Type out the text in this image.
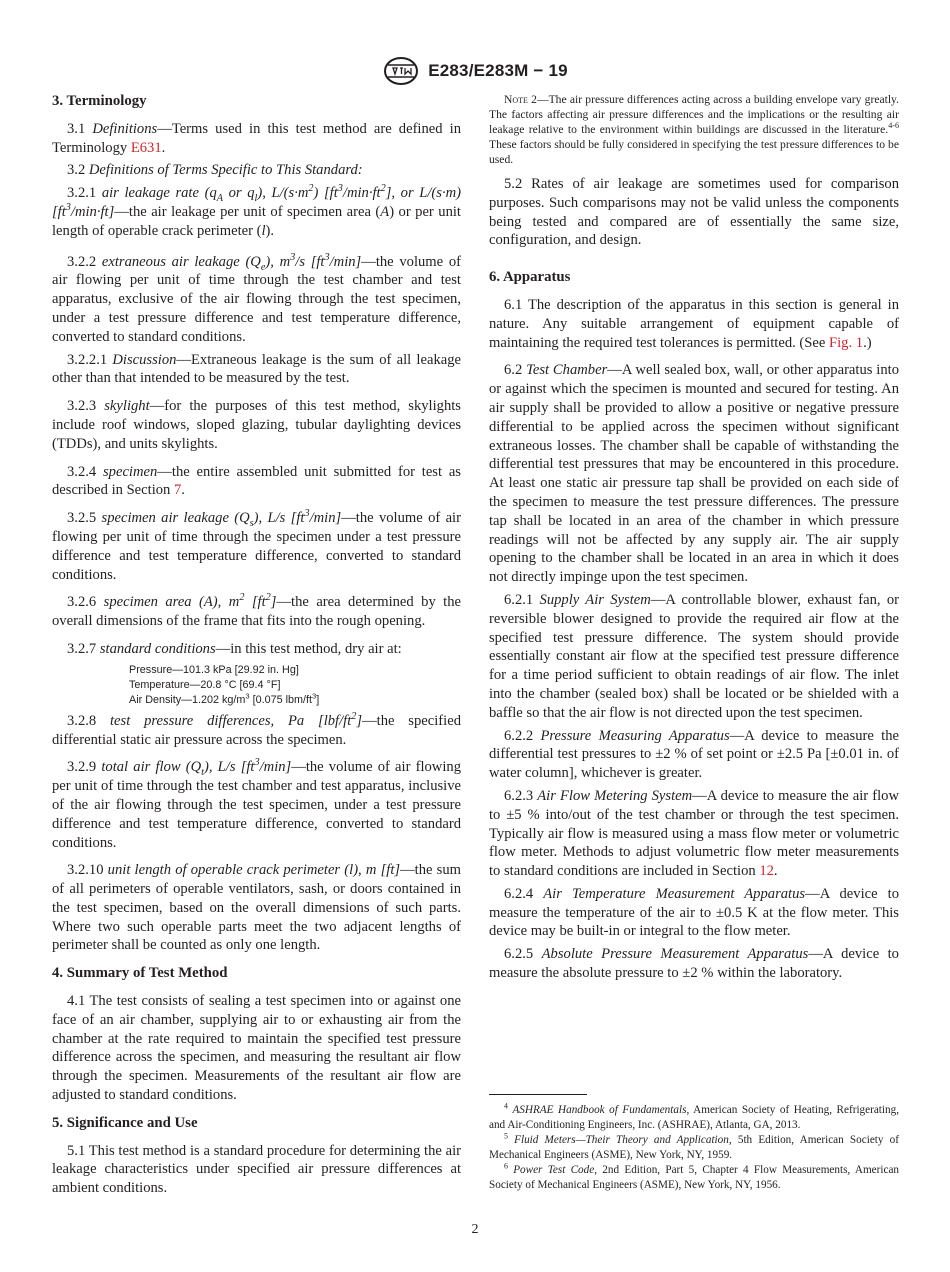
E283/E283M − 19
3. Terminology

3.1 Definitions—Terms used in this test method are defined in Terminology E631.

3.2 Definitions of Terms Specific to This Standard:

3.2.1 air leakage rate ($q_A$ or $q_l$), $L/(s\cdot m^2)$ $[ft^3/\min\cdot ft^2]$, or L/(s·m) $[ft^3/\min\cdot ft]—the$ air leakage per unit of specimen area (A) or per unit length of operable crack perimeter (l).

3.2.2 extraneous air leakage $(Q_e)$, $m^3/s$ $[ft^3/\min]—the$ volume of air flowing per unit of time through the test chamber and test apparatus, exclusive of the air flowing through the test specimen, under a test pressure difference and test temperature difference, converted to standard conditions.

3.2.2.1 Discussion—Extraneous leakage is the sum of all leakage other than that intended to be measured by the test.

3.2.3 skylight—for the purposes of this test method, skylights include roof windows, sloped glazing, tubular daylighting devices (TDDs), and units skylights.

3.2.4 specimen—the entire assembled unit submitted for test as described in Section 7.

3.2.5 specimen air leakage $(Q_s)$, L/s $[ft^3/\min]—the$ volume of air flowing per unit of time through the specimen under a test pressure difference and test temperature difference, converted to standard conditions.

3.2.6 specimen area (A), $m^2$ $[ft^2]—the$ area determined by the overall dimensions of the frame that fits into the rough opening.

3.2.7 standard conditions—in this test method, dry air at:

Pressure—101.3 kPa [29.92 in. Hg]
Temperature—20.8 °C [69.4 °F]
Air Density—1.202 $kg/m^3$ [0.075 lbm/$ft^3$]

3.2.8 test pressure differences, Pa $[lbf/ft^2]—the$ specified differential static air pressure across the specimen.

3.2.9 total air flow $(Q_t)$, L/s $[ft^3/\min]—the$ volume of air flowing per unit of time through the test chamber and test apparatus, inclusive of the air flowing through the test specimen, under a test pressure difference and test temperature difference, converted to standard conditions.

3.2.10 unit length of operable crack perimeter (l), m [ft]—the sum of all perimeters of operable ventilators, sash, or doors contained in the test specimen, based on the overall dimensions of such parts. Where two such operable parts meet the two adjacent lengths of perimeter shall be counted as only one length.

4. Summary of Test Method

4.1 The test consists of sealing a test specimen into or against one face of an air chamber, supplying air to or exhausting air from the chamber at the rate required to maintain the specified test pressure difference across the specimen, and measuring the resultant air flow through the specimen. Measurements of the resultant air flow are adjusted to standard conditions.

5. Significance and Use

5.1 This test method is a standard procedure for determining the air leakage characteristics under specified air pressure differences at ambient conditions.

Note 2—The air pressure differences acting across a building envelope vary greatly. The factors affecting air pressure differences and the implications or the resulting air leakage relative to the environment within buildings are discussed in the literature.$^{4-6}$ These factors should be fully considered in specifying the test pressure differences to be used.

5.2 Rates of air leakage are sometimes used for comparison purposes. Such comparisons may not be valid unless the components being tested and compared are of essentially the same size, configuration, and design.

6. Apparatus

6.1 The description of the apparatus in this section is general in nature. Any suitable arrangement of equipment capable of maintaining the required test tolerances is permitted. (See Fig. 1.)

6.2 Test Chamber—A well sealed box, wall, or other apparatus into or against which the specimen is mounted and secured for testing. An air supply shall be provided to allow a positive or negative pressure differential to be applied across the specimen without significant extraneous losses. The chamber shall be capable of withstanding the differential test pressures that may be encountered in this procedure. At least one static air pressure tap shall be provided on each side of the specimen to measure the test pressure differences. The pressure tap shall be located in an area of the chamber in which pressure readings will not be affected by any supply air. The air supply opening to the chamber shall be located in an area in which it does not directly impinge upon the test specimen.

6.2.1 Supply Air System—A controllable blower, exhaust fan, or reversible blower designed to provide the required air flow at the specified test pressure difference. The system should provide essentially constant air flow at the specified test pressure difference for a time period sufficient to obtain readings of air flow. The inlet into the chamber (sealed box) shall be located or be shielded with a baffle so that the air flow is not directed upon the test specimen.

6.2.2 Pressure Measuring Apparatus—A device to measure the differential test pressures to ±2 % of set point or ±2.5 Pa [±0.01 in. of water column], whichever is greater.

6.2.3 Air Flow Metering System—A device to measure the air flow to ±5 % into/out of the test chamber or through the test specimen. Typically air flow is measured using a mass flow meter or volumetric flow meter. Methods to adjust volumetric flow meter measurements to standard conditions are included in Section 12.

6.2.4 Air Temperature Measurement Apparatus—A device to measure the temperature of the air to ±0.5 K at the flow meter. This device may be built-in or integral to the flow meter.

6.2.5 Absolute Pressure Measurement Apparatus—A device to measure the absolute pressure to ±2 % within the laboratory.

$^4$ ASHRAE Handbook of Fundamentals, American Society of Heating, Refrigerating, and Air-Conditioning Engineers, Inc. (ASHRAE), Atlanta, GA, 2013.

$^5$ Fluid Meters—Their Theory and Application, 5th Edition, American Society of Mechanical Engineers (ASME), New York, NY, 1959.

$^6$ Power Test Code, 2nd Edition, Part 5, Chapter 4 Flow Measurements, American Society of Mechanical Engineers (ASME), New York, NY, 1956.

2
